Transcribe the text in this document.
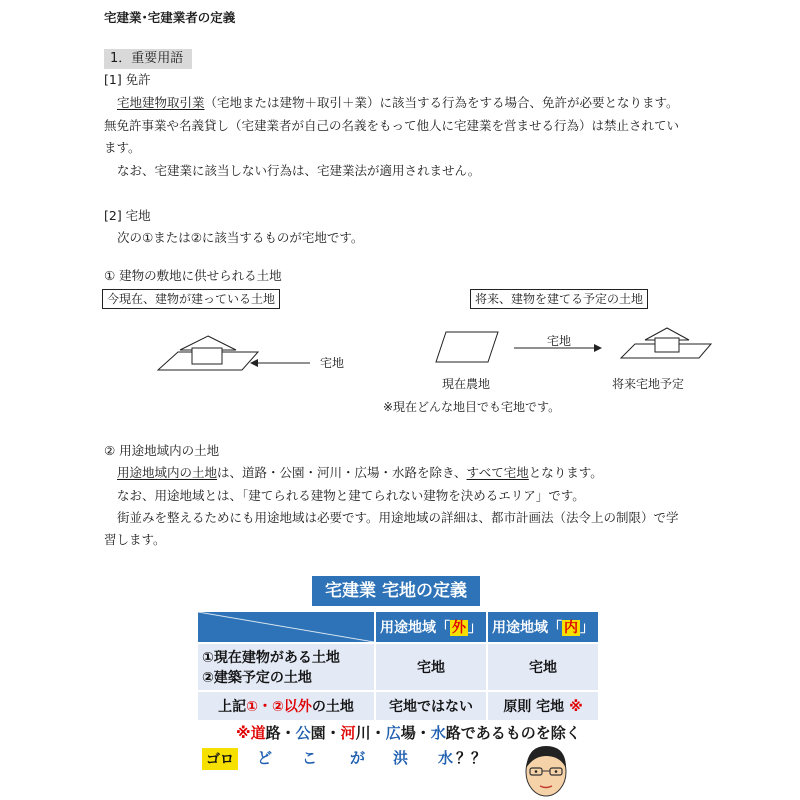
宅建業･宅建業者の定義
1．重要用語
[1] 免許
宅地建物取引業（宅地または建物＋取引＋業）に該当する行為をする場合、免許が必要となります。
無免許事業や名義貸し（宅建業者が自己の名義をもって他人に宅建業を営ませる行為）は禁止されてい
ます。
なお、宅建業に該当しない行為は、宅建業法が適用されません。
[2] 宅地
次の①または②に該当するものが宅地です。
① 建物の敷地に供せられる土地
今現在、建物が建っている土地	将来、建物を建てる予定の土地
宅地
現在農地
宅地
将来宅地予定
※現在どんな地目でも宅地です。
② 用途地域内の土地
用途地域内の土地は、道路・公園・河川・広場・水路を除き、すべて宅地となります。
なお、用途地域とは、「建てられる建物と建てられない建物を決めるエリア」です。
街並みを整えるためにも用途地域は必要です。用途地域の詳細は、都市計画法（法令上の制限）で学
習します。
宅建業 宅地の定義
	用途地域「 外 」	用途地域「 内 」

①現在建物がある土地
②建築予定の土地	宅地	宅地
上記①・②以外の土地	宅地ではない	原則 宅地 ※
※道路・公園・河川・広場・水路であるものを除く
ゴロ ど こ が 洪 水 ？？
